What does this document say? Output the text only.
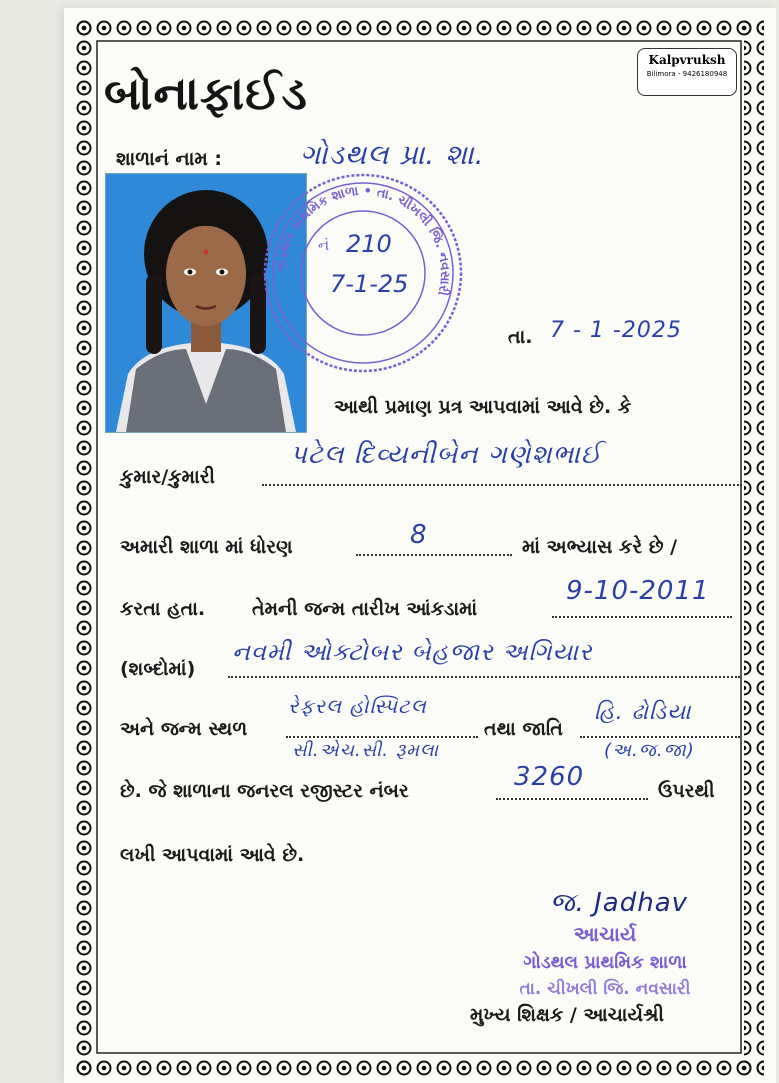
Kalpvruksh
Bilimora - 9426180948
બોનાફાઈડ
શાળાનં નામ :	ગોડથલ પ્રા. શા.
ગોડથલ પ્રાથમિક શાળા • તા. ચીખલી જિ. નવસારી
નં 210
7-1-25
તા. 7 - 1 -2025
આથી પ્રમાણ પ્રત્ર આપવામાં આવે છે. કે
કુમાર/કુમારી
પટેલ દિવ્યનીબેન ગણેશભાઈ
અમારી શાળા માં ધોરણ	8	માં અભ્યાસ કરે છે /
કરતા હતા. તેમની જન્મ તારીખ આંકડામાં
9-10-2011
(શબ્દોમાં)
નવમી ઓક્ટોબર બેહજાર અગિયાર
અને જન્મ સ્થળ
રેફરલ હોસ્પિટલ
સી.એચ.સી. રૂમલા
તથા જાતિ
હિ. ઢોડિયા
(અ.જ.જા)
છે. જે શાળાના જનરલ રજીસ્ટર નંબર	3260	ઉપરથી
લખી આપવામાં આવે છે.
જ. Jadhav
આચાર્ય
ગોડથલ પ્રાથમિક શાળા
તા. ચીખલી જિ. નવસારી
મુખ્ય શિક્ષક / આચાર્યશ્રી
